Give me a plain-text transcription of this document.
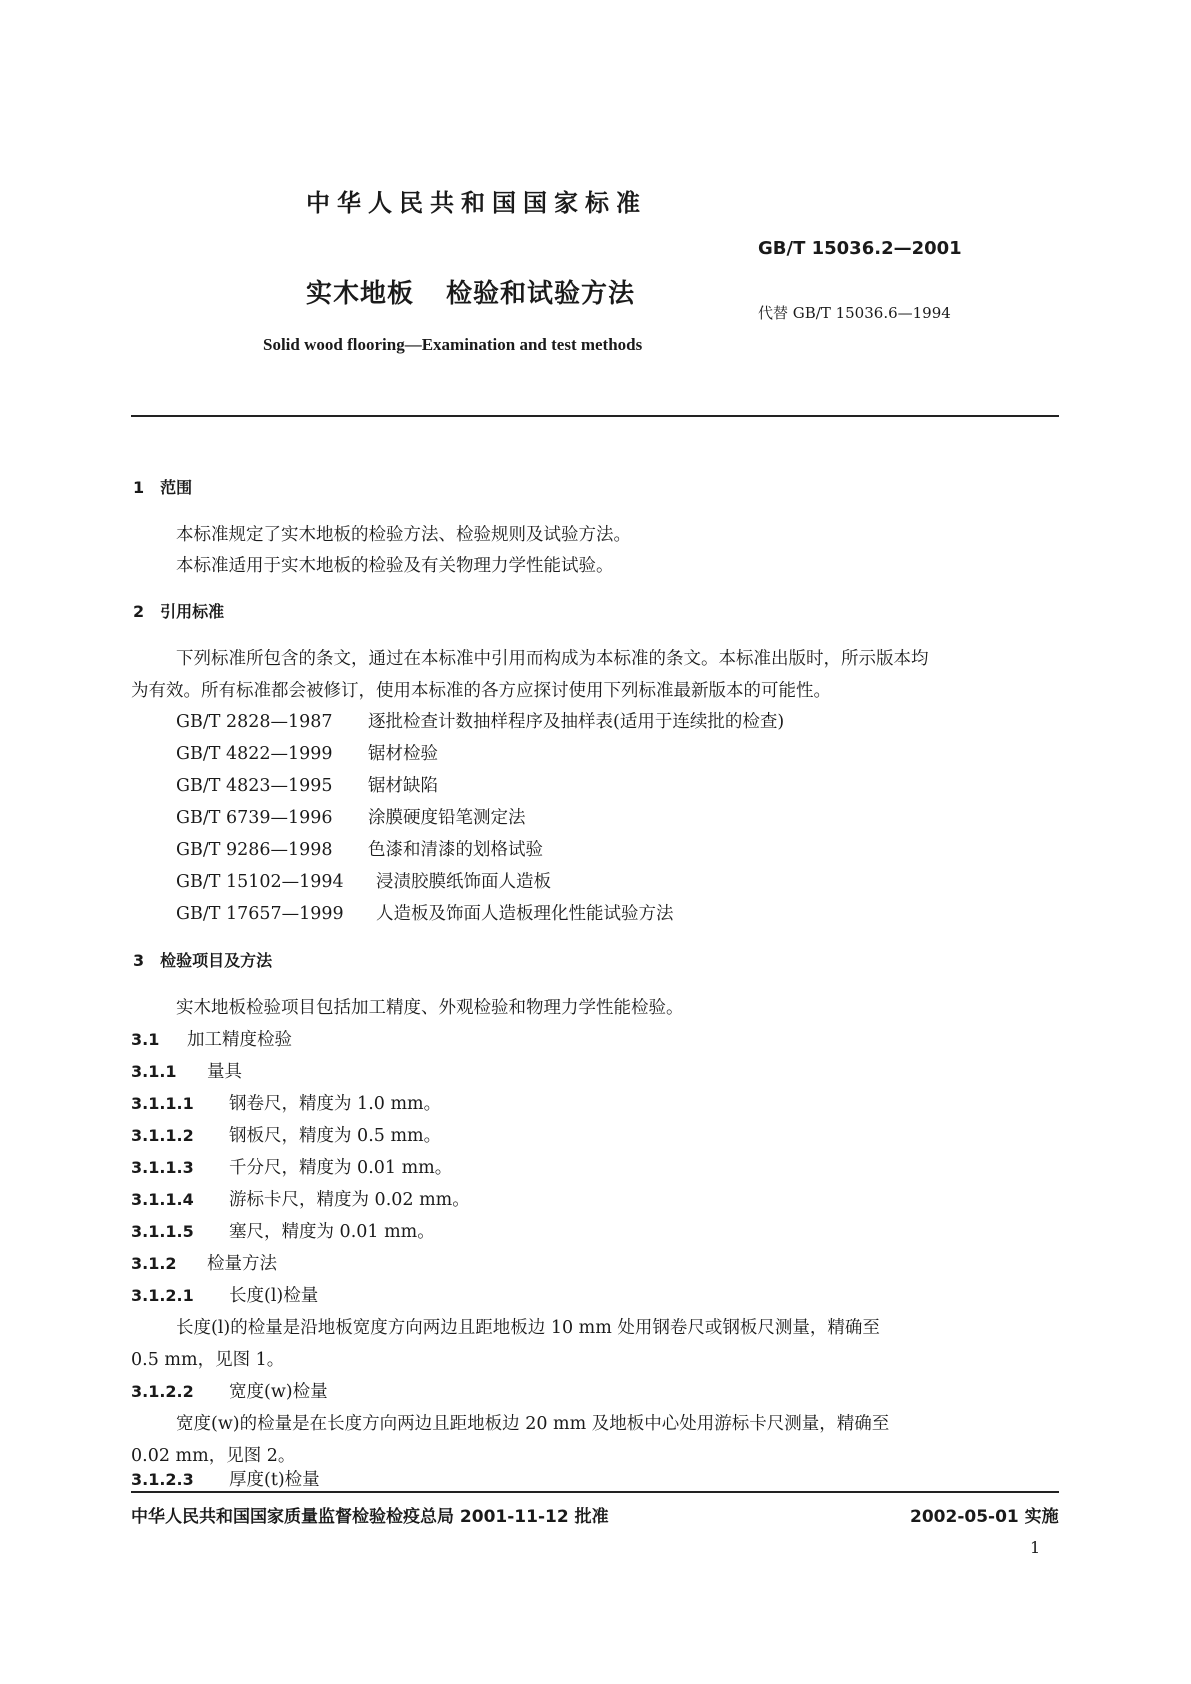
中华人民共和国国家标准
GB/T 15036.2—2001
实木地板 检验和试验方法
代替 GB/T 15036.6—1994
Solid wood flooring—Examination and test methods
1　范围
本标准规定了实木地板的检验方法、检验规则及试验方法。
本标准适用于实木地板的检验及有关物理力学性能试验。
2　引用标准
下列标准所包含的条文，通过在本标准中引用而构成为本标准的条文。本标准出版时，所示版本均
为有效。所有标准都会被修订，使用本标准的各方应探讨使用下列标准最新版本的可能性。
GB/T 2828—1987 逐批检查计数抽样程序及抽样表(适用于连续批的检查)
GB/T 4822—1999 锯材检验
GB/T 4823—1995 锯材缺陷
GB/T 6739—1996 涂膜硬度铅笔测定法
GB/T 9286—1998 色漆和清漆的划格试验
GB/T 15102—1994 浸渍胶膜纸饰面人造板
GB/T 17657—1999 人造板及饰面人造板理化性能试验方法
3　检验项目及方法
实木地板检验项目包括加工精度、外观检验和物理力学性能检验。
3.1 加工精度检验
3.1.1 量具
3.1.1.1 钢卷尺，精度为 1.0 mm。
3.1.1.2 钢板尺，精度为 0.5 mm。
3.1.1.3 千分尺，精度为 0.01 mm。
3.1.1.4 游标卡尺，精度为 0.02 mm。
3.1.1.5 塞尺，精度为 0.01 mm。
3.1.2 检量方法
3.1.2.1 长度(l)检量
长度(l)的检量是沿地板宽度方向两边且距地板边 10 mm 处用钢卷尺或钢板尺测量，精确至
0.5 mm，见图 1。
3.1.2.2 宽度(w)检量
宽度(w)的检量是在长度方向两边且距地板边 20 mm 及地板中心处用游标卡尺测量，精确至
0.02 mm，见图 2。
3.1.2.3 厚度(t)检量
中华人民共和国国家质量监督检验检疫总局 2001-11-12 批准	2002-05-01 实施
1
